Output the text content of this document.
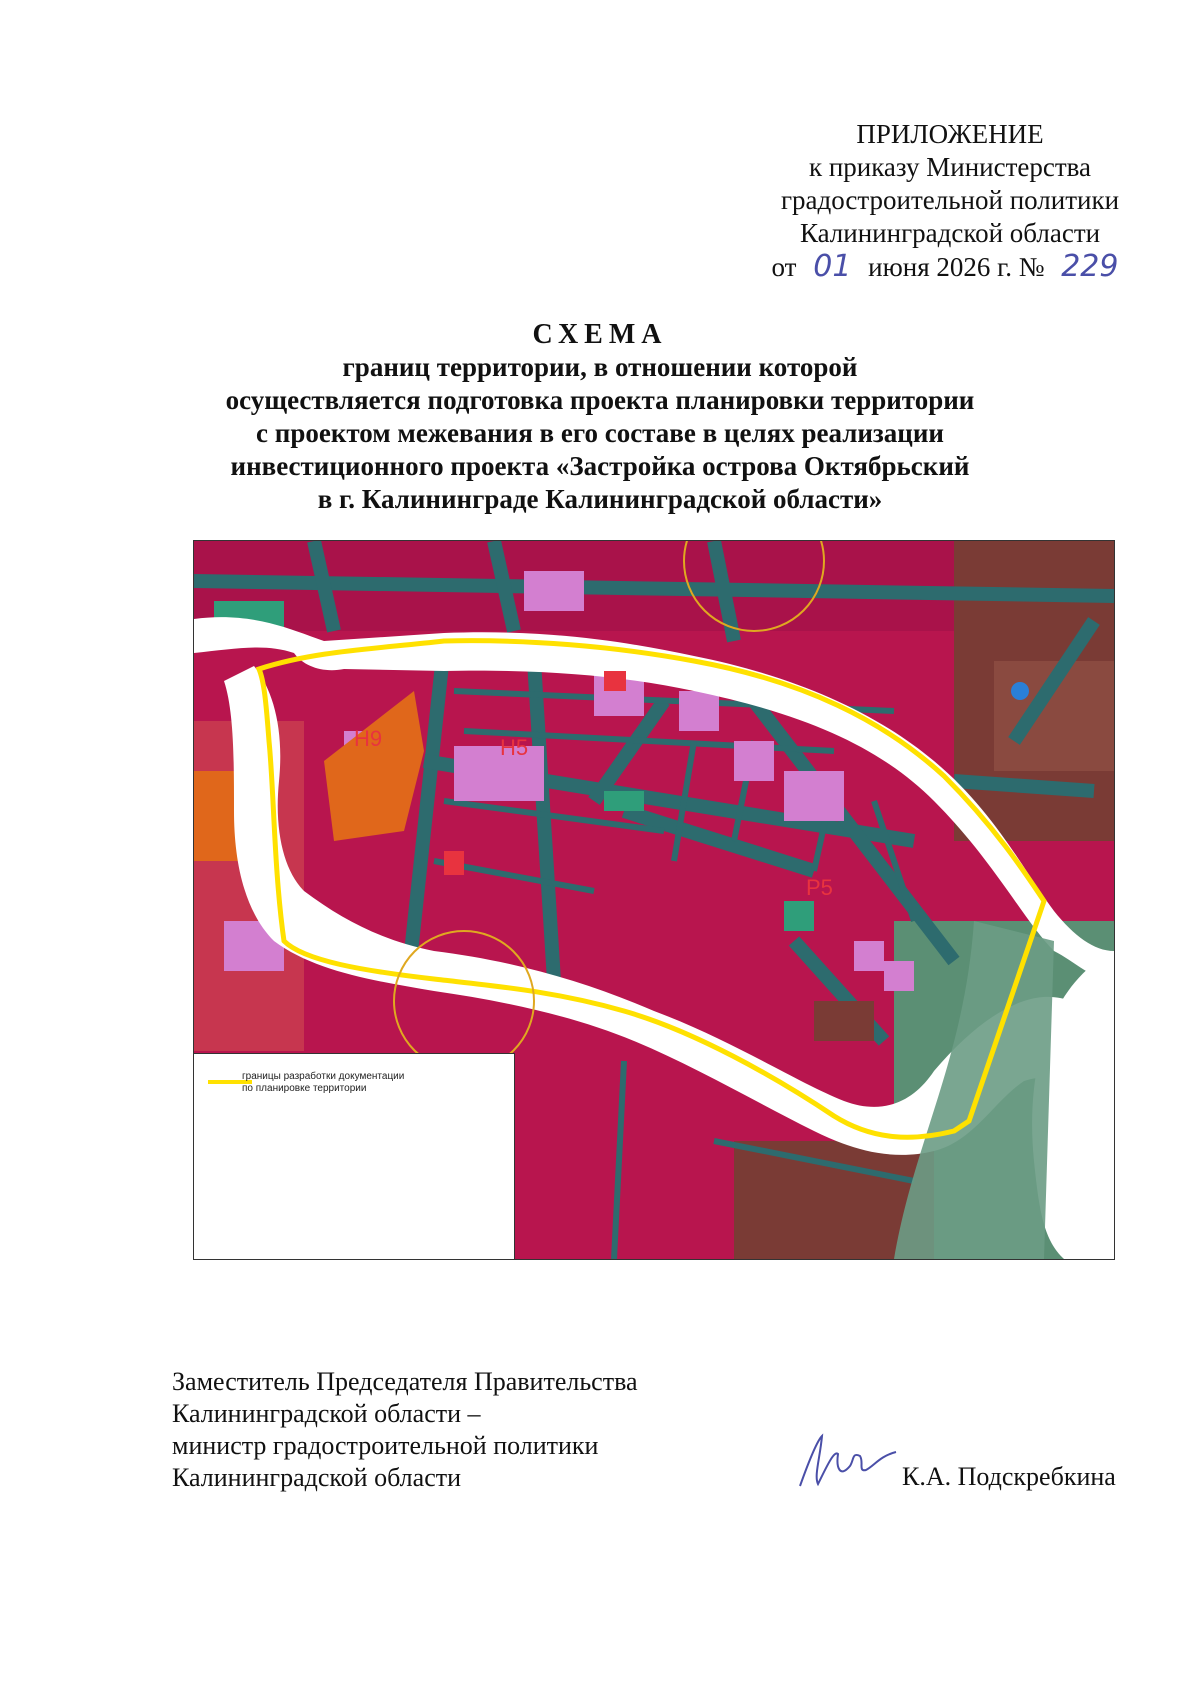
ПРИЛОЖЕНИЕ
к приказу Министерства
градостроительной политики
Калининградской области
от 01 июня 2026 г. № 229
СХЕМА
границ территории, в отношении которой
осуществляется подготовка проекта планировки территории
с проектом межевания в его составе в целях реализации
инвестиционного проекта «Застройка острова Октябрьский
в г. Калининграде Калининградской области»
Н9	Н5
Р5
границы разработки документации
по планировке территории
Заместитель Председателя Правительства
Калининградской области –
министр градостроительной политики
Калининградской области	К.А. Подскребкина
